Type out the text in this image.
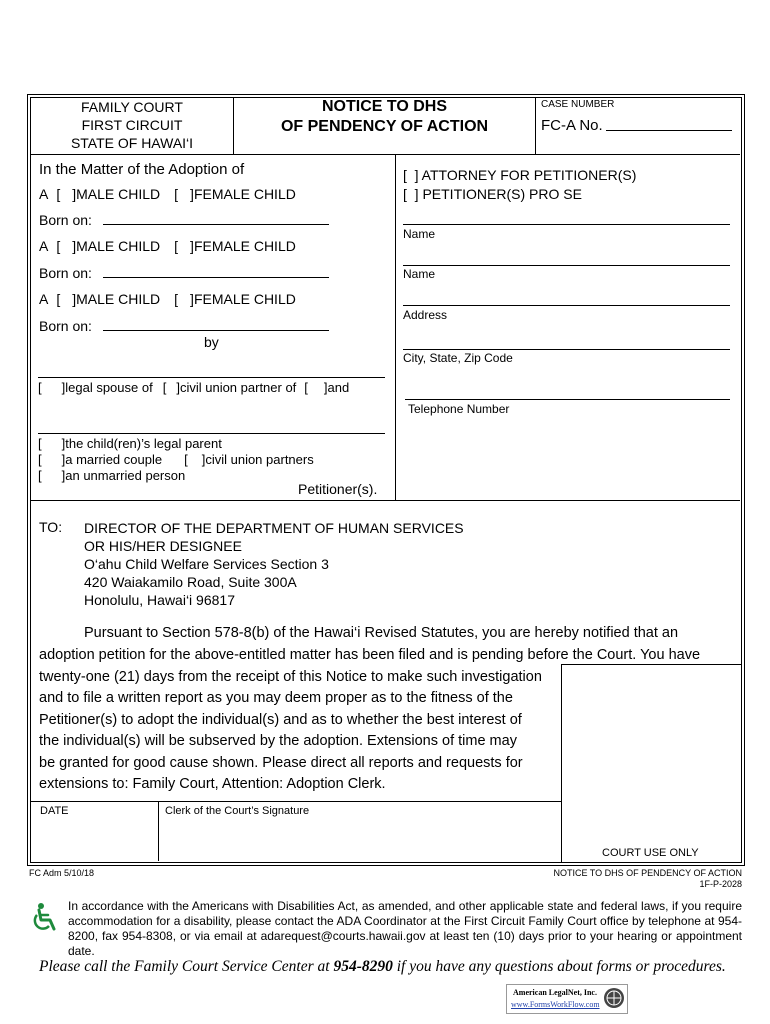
FAMILY COURT
FIRST CIRCUIT
STATE OF HAWAI‘I
NOTICE TO DHS
OF PENDENCY OF ACTION
CASE NUMBER
FC-A No.
In the Matter of the Adoption of
A [ ]MALE CHILD [ ]FEMALE CHILD
Born on:
A [ ]MALE CHILD [ ]FEMALE CHILD
Born on:
A [ ]MALE CHILD [ ]FEMALE CHILD
Born on:
by
[ ]legal spouse of [ ]civil union partner of [ ]and
[ ]the child(ren)’s legal parent
[ ]a married couple [ ]civil union partners
[ ]an unmarried person
Petitioner(s).
[  ] ATTORNEY FOR PETITIONER(S)
[  ] PETITIONER(S) PRO SE
Name
Name
Address
City, State, Zip Code
Telephone Number
TO: DIRECTOR OF THE DEPARTMENT OF HUMAN SERVICES
OR HIS/HER DESIGNEE
O‘ahu Child Welfare Services Section 3
420 Waiakamilo Road, Suite 300A
Honolulu, Hawai‘i 96817
Pursuant to Section 578-8(b) of the Hawai‘i Revised Statutes, you are hereby notified that an
adoption petition for the above-entitled matter has been filed and is pending before the Court. You have
twenty-one (21) days from the receipt of this Notice to make such investigation
and to file a written report as you may deem proper as to the fitness of the
Petitioner(s) to adopt the individual(s) and as to whether the best interest of
the individual(s) will be subserved by the adoption. Extensions of time may
be granted for good cause shown. Please direct all reports and requests for
extensions to: Family Court, Attention: Adoption Clerk.
DATE	Clerk of the Court’s Signature
COURT USE ONLY
FC Adm 5/10/18	NOTICE TO DHS OF PENDENCY OF ACTION
1F-P-2028
In accordance with the Americans with Disabilities Act, as amended, and other applicable state and federal laws, if you require accommodation for a disability, please contact the ADA Coordinator at the First Circuit Family Court office by telephone at 954-8200, fax 954-8308, or via email at adarequest@courts.hawaii.gov at least ten (10) days prior to your hearing or appointment date.
Please call the Family Court Service Center at 954-8290 if you have any questions about forms or procedures.
American LegalNet, Inc.
www.FormsWorkFlow.com
